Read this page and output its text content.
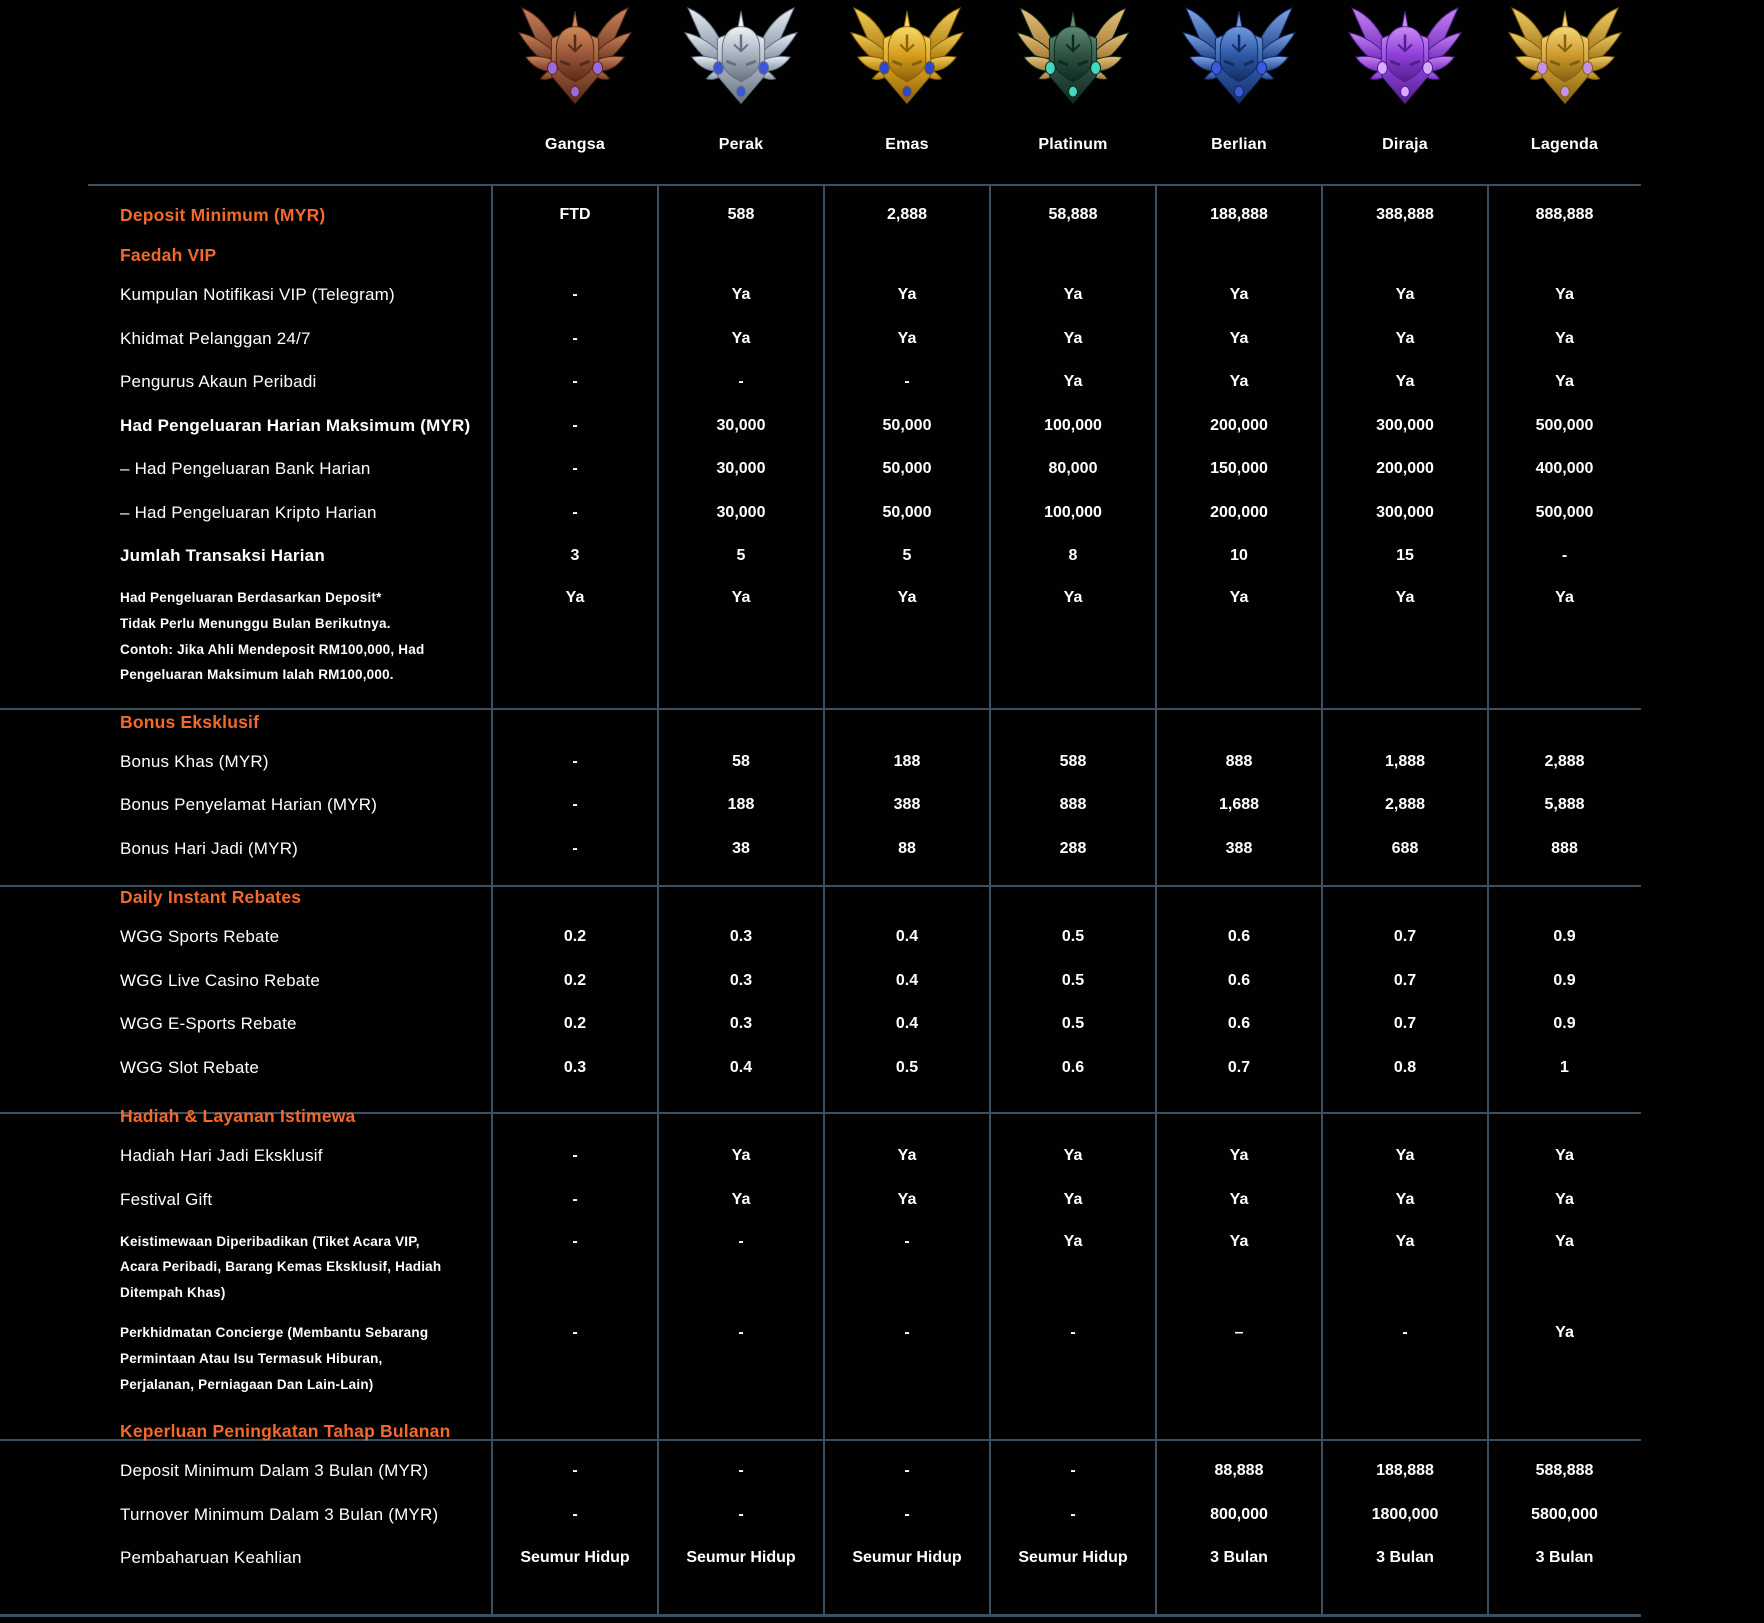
Gangsa	Perak	Emas	Platinum	Berlian	Diraja	Lagenda
Deposit Minimum (MYR)	FTD	588	2,888	58,888	188,888	388,888	888,888
Faedah VIP
Kumpulan Notifikasi VIP (Telegram)	-	Ya	Ya	Ya	Ya	Ya	Ya
Khidmat Pelanggan 24/7	-	Ya	Ya	Ya	Ya	Ya	Ya
Pengurus Akaun Peribadi	-	-	-	Ya	Ya	Ya	Ya
Had Pengeluaran Harian Maksimum (MYR)	-	30,000	50,000	100,000	200,000	300,000	500,000
– Had Pengeluaran Bank Harian	-	30,000	50,000	80,000	150,000	200,000	400,000
– Had Pengeluaran Kripto Harian	-	30,000	50,000	100,000	200,000	300,000	500,000
Jumlah Transaksi Harian	3	5	5	8	10	15	-
Had Pengeluaran Berdasarkan Deposit*
Tidak Perlu Menunggu Bulan Berikutnya.
Contoh: Jika Ahli Mendeposit RM100,000, Had
Pengeluaran Maksimum Ialah RM100,000.
Ya	Ya	Ya	Ya	Ya	Ya	Ya
Bonus Eksklusif
Bonus Khas (MYR)	-	58	188	588	888	1,888	2,888
Bonus Penyelamat Harian (MYR)	-	188	388	888	1,688	2,888	5,888
Bonus Hari Jadi (MYR)	-	38	88	288	388	688	888
Daily Instant Rebates
WGG Sports Rebate	0.2	0.3	0.4	0.5	0.6	0.7	0.9
WGG Live Casino Rebate	0.2	0.3	0.4	0.5	0.6	0.7	0.9
WGG E-Sports Rebate	0.2	0.3	0.4	0.5	0.6	0.7	0.9
WGG Slot Rebate	0.3	0.4	0.5	0.6	0.7	0.8	1
Hadiah & Layanan Istimewa
Hadiah Hari Jadi Eksklusif	-	Ya	Ya	Ya	Ya	Ya	Ya
Festival Gift	-	Ya	Ya	Ya	Ya	Ya	Ya
Keistimewaan Diperibadikan (Tiket Acara VIP,
Acara Peribadi, Barang Kemas Eksklusif, Hadiah
Ditempah Khas)
-	-	-	Ya	Ya	Ya	Ya
Perkhidmatan Concierge (Membantu Sebarang
Permintaan Atau Isu Termasuk Hiburan,
Perjalanan, Perniagaan Dan Lain-Lain)
-	-	-	-	–	-	Ya
Keperluan Peningkatan Tahap Bulanan
Deposit Minimum Dalam 3 Bulan (MYR)	-	-	-	-	88,888	188,888	588,888
Turnover Minimum Dalam 3 Bulan (MYR)	-	-	-	-	800,000	1800,000	5800,000
Pembaharuan Keahlian	Seumur Hidup	Seumur Hidup	Seumur Hidup	Seumur Hidup	3 Bulan	3 Bulan	3 Bulan
